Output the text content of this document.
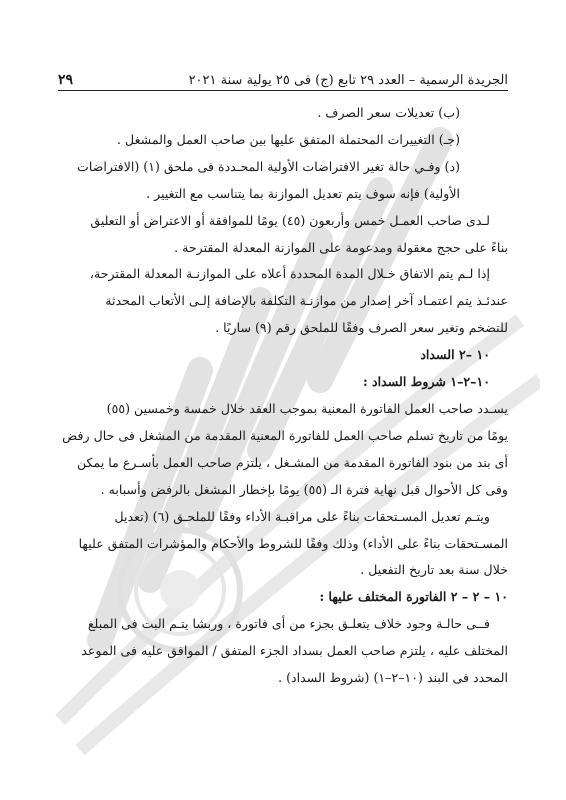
الجريدة الرسمية – العدد ٢٩ تابع (ج) فى ٢٥ يولية سنة ٢٠٢١
٢٩

(ب) تعديلات سعر الصرف .

(جـ) التغييرات المحتملة المتفق عليها بين صاحب العمل والمشغل .

(د) وفـي حالة تغير الافتراضات الأولية المحـددة فى ملحق (١) (الافتراضات

الأولية) فإنه سوف يتم تعديل الموازنة بما يتناسب مع التغيير .

لـدى صاحب العمـل خمس وأربعون (٤٥) يومًا للموافقة أو الاعتراض أو التعليق

بناءً على حجج معقولة ومدعومة على الموازنة المعدلة المقترحة .

إذا لـم يتم الاتفاق خـلال المدة المحددة أعلاه على الموازنـة المعدلة المقترحة،

عندئـذ يتم اعتمـاد آخر إصدار من موازنـة التكلفة بالإضافة إلـى الأتعاب المحدثة

للتضخم وتغير سعر الصرف وفقًا للملحق رقم (٩) ساريًا .

١٠ –٢ السداد

١٠–٢–١ شروط السداد :

يسـدد صاحب العمل الفاتورة المعنية بموجب العقد خلال خمسة وخمسين (٥٥)

يومًا من تاريخ تسلم صاحب العمل للفاتورة المعنية المقدمة من المشغل فى حال رفض

أى بند من بنود الفاتورة المقدمة من المشـغل ، يلتزم صاحب العمل بأسـرع ما يمكن

وفى كل الأحوال قبل نهاية فترة الـ (٥٥) يومًا بإخطار المشغل بالرفض وأسبابه .

ويتـم تعديل المسـتحقات بناءً على مراقبـة الأداء وفقًا للملحـق (٦) (تعديل

المسـتحقات بناءً على الأداء) وذلك وفقًا للشروط والأحكام والمؤشرات المتفق عليها

خلال سنة بعد تاريخ التفعيل .

١٠ – ٢ – ٢ الفاتورة المختلف عليها :

فــى حالـة وجود خلاف يتعلـق بجزء من أى فاتورة ، وربشا يتـم البت فى المبلغ

المختلف عليه ، يلتزم صاحب العمل بسداد الجزء المتفق / الموافق عليه فى الموعد

المحدد فى البند (١٠–٢–١) (شروط السداد) .
